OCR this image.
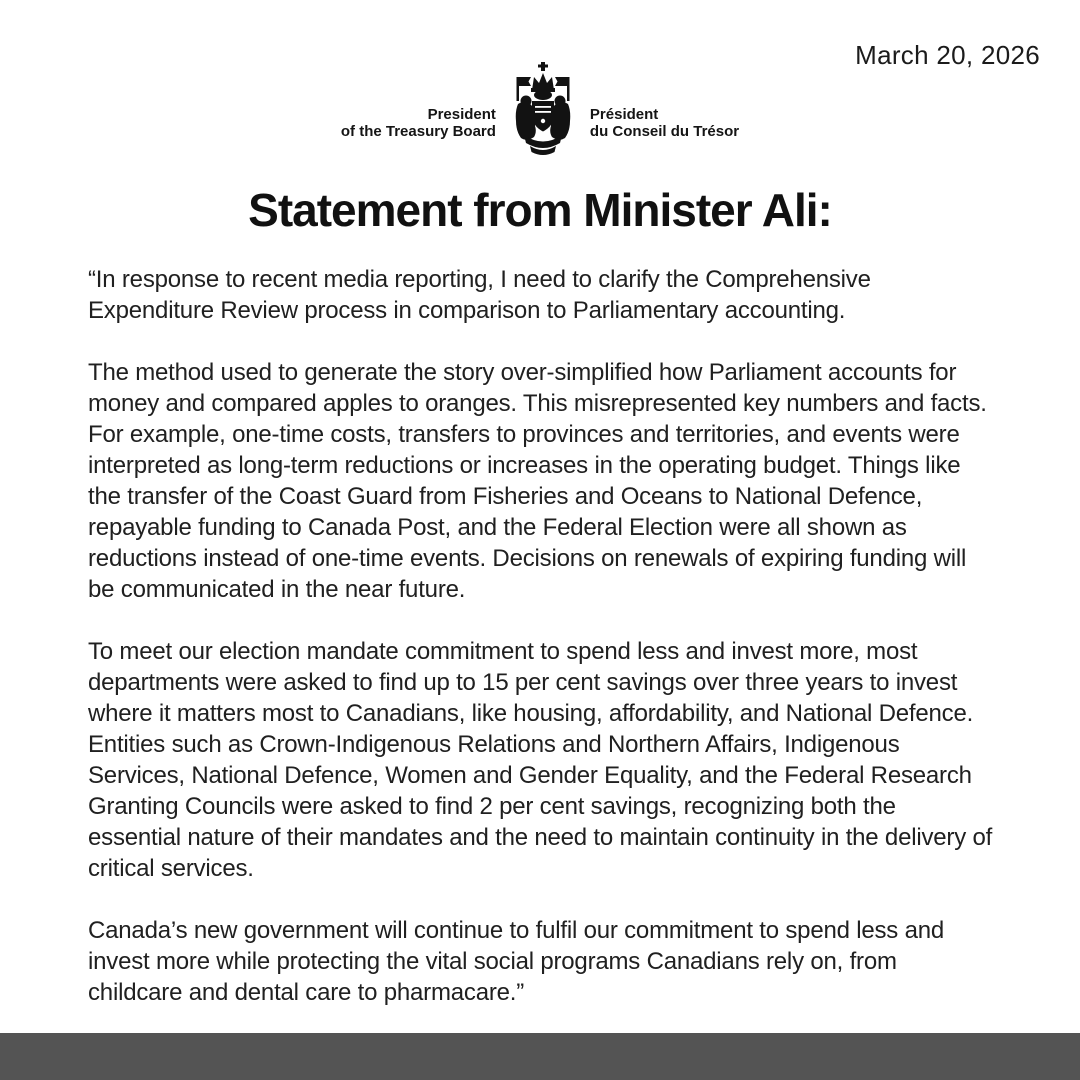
March 20, 2026
President
of the Treasury Board
Président
du Conseil du Trésor
Statement from Minister Ali:

“In response to recent media reporting, I need to clarify the Comprehensive Expenditure Review process in comparison to Parliamentary accounting.

The method used to generate the story over-simplified how Parliament accounts for money and compared apples to oranges. This misrepresented key numbers and facts. For example, one-time costs, transfers to provinces and territories, and events were interpreted as long-term reductions or increases in the operating budget. Things like the transfer of the Coast Guard from Fisheries and Oceans to National Defence, repayable funding to Canada Post, and the Federal Election were all shown as reductions instead of one-time events. Decisions on renewals of expiring funding will be communicated in the near future.

To meet our election mandate commitment to spend less and invest more, most departments were asked to find up to 15 per cent savings over three years to invest where it matters most to Canadians, like housing, affordability, and National Defence. Entities such as Crown-Indigenous Relations and Northern Affairs, Indigenous Services, National Defence, Women and Gender Equality, and the Federal Research Granting Councils were asked to find 2 per cent savings, recognizing both the essential nature of their mandates and the need to maintain continuity in the delivery of critical services.

Canada’s new government will continue to fulfil our commitment to spend less and invest more while protecting the vital social programs Canadians rely on, from childcare and dental care to pharmacare.”
